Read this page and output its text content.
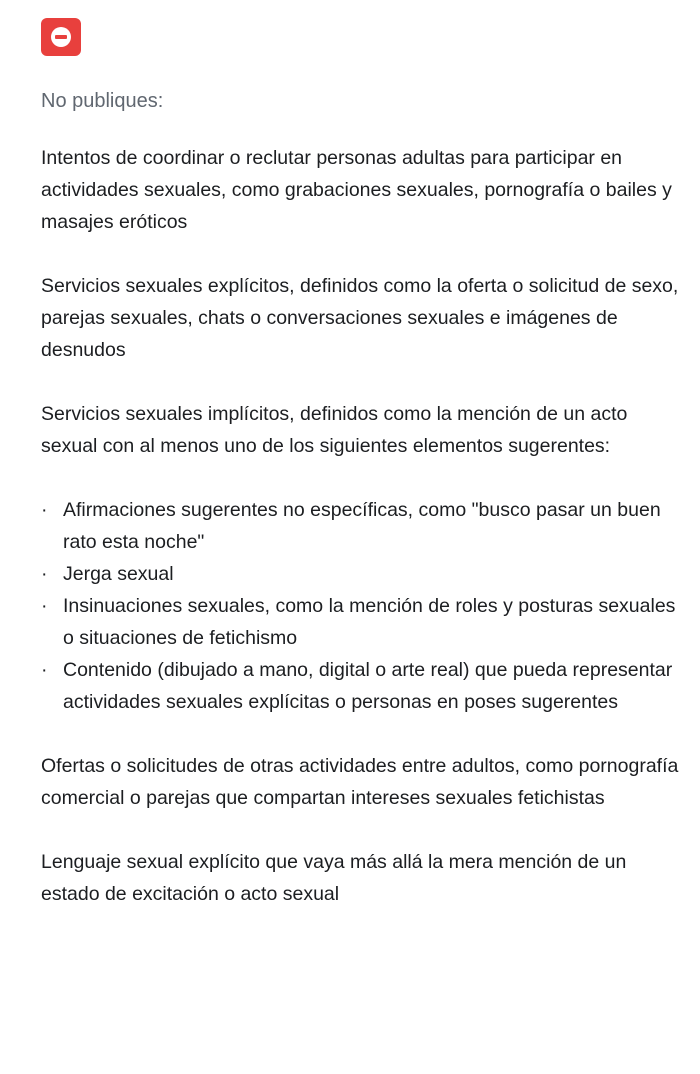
No publiques:

Intentos de coordinar o reclutar personas adultas para participar en actividades sexuales, como grabaciones sexuales, pornografía o bailes y masajes eróticos

Servicios sexuales explícitos, definidos como la oferta o solicitud de sexo, parejas sexuales, chats o conversaciones sexuales e imágenes de desnudos

Servicios sexuales implícitos, definidos como la mención de un acto sexual con al menos uno de los siguientes elementos sugerentes:

· Afirmaciones sugerentes no específicas, como "busco pasar un buen rato esta noche"
· Jerga sexual
· Insinuaciones sexuales, como la mención de roles y posturas sexuales o situaciones de fetichismo
· Contenido (dibujado a mano, digital o arte real) que pueda representar actividades sexuales explícitas o personas en poses sugerentes

Ofertas o solicitudes de otras actividades entre adultos, como pornografía comercial o parejas que compartan intereses sexuales fetichistas

Lenguaje sexual explícito que vaya más allá la mera mención de un estado de excitación o acto sexual
